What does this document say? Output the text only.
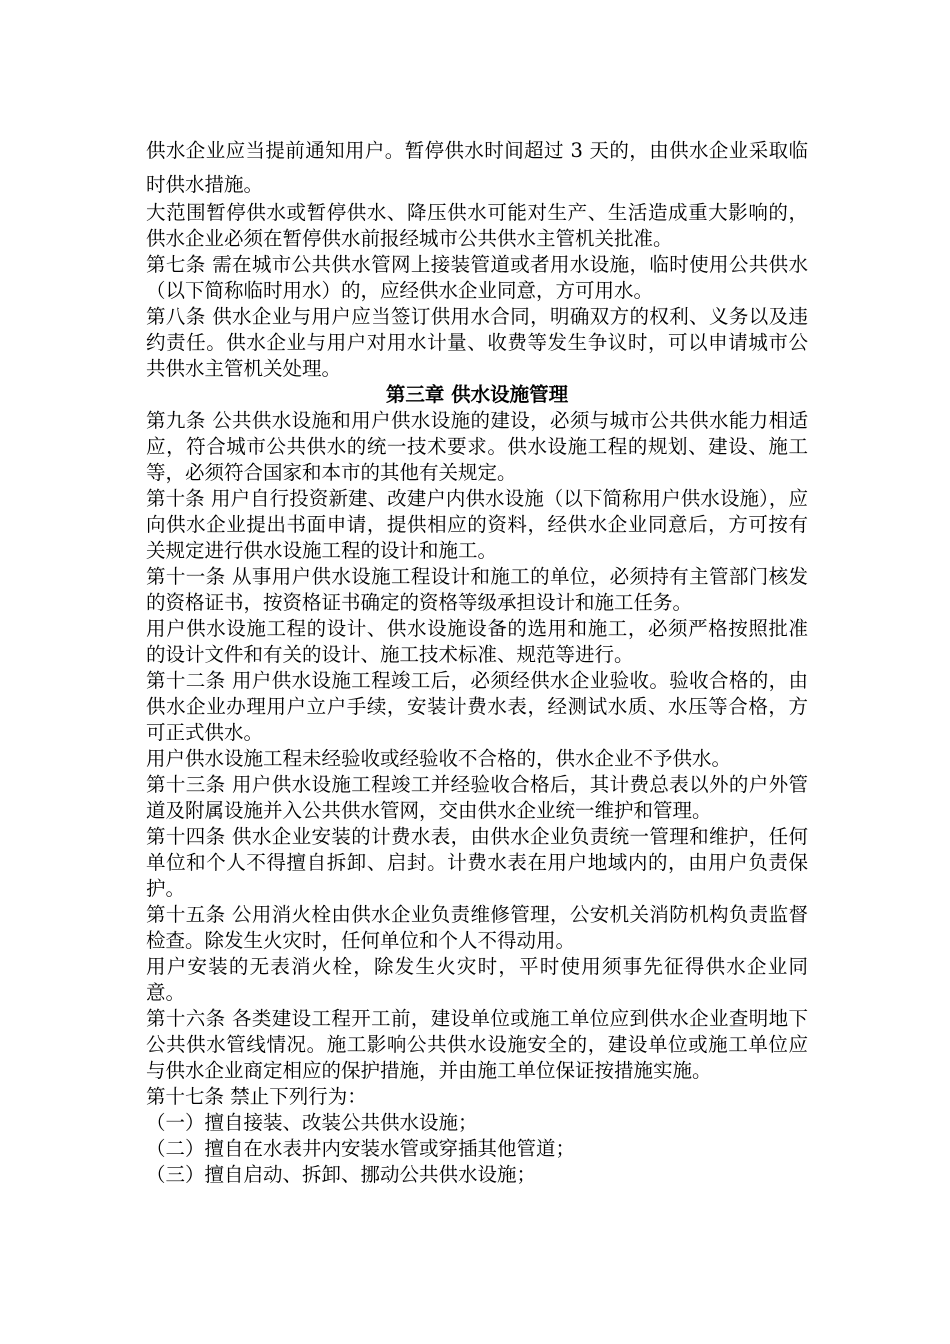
供水企业应当提前通知用户。暂停供水时间超过 3 天的，由供水企业采取临时供水措施。

大范围暂停供水或暂停供水、降压供水可能对生产、生活造成重大影响的，供水企业必须在暂停供水前报经城市公共供水主管机关批准。

第七条 需在城市公共供水管网上接装管道或者用水设施，临时使用公共供水（以下简称临时用水）的，应经供水企业同意，方可用水。

第八条 供水企业与用户应当签订供用水合同，明确双方的权利、义务以及违约责任。供水企业与用户对用水计量、收费等发生争议时，可以申请城市公共供水主管机关处理。

第三章 供水设施管理

第九条 公共供水设施和用户供水设施的建设，必须与城市公共供水能力相适应，符合城市公共供水的统一技术要求。供水设施工程的规划、建设、施工等，必须符合国家和本市的其他有关规定。

第十条 用户自行投资新建、改建户内供水设施（以下简称用户供水设施），应向供水企业提出书面申请，提供相应的资料，经供水企业同意后，方可按有关规定进行供水设施工程的设计和施工。

第十一条 从事用户供水设施工程设计和施工的单位，必须持有主管部门核发的资格证书，按资格证书确定的资格等级承担设计和施工任务。

用户供水设施工程的设计、供水设施设备的选用和施工，必须严格按照批准的设计文件和有关的设计、施工技术标准、规范等进行。

第十二条 用户供水设施工程竣工后，必须经供水企业验收。验收合格的，由供水企业办理用户立户手续，安装计费水表，经测试水质、水压等合格，方可正式供水。

用户供水设施工程未经验收或经验收不合格的，供水企业不予供水。

第十三条 用户供水设施工程竣工并经验收合格后，其计费总表以外的户外管道及附属设施并入公共供水管网，交由供水企业统一维护和管理。

第十四条 供水企业安装的计费水表，由供水企业负责统一管理和维护，任何单位和个人不得擅自拆卸、启封。计费水表在用户地域内的，由用户负责保护。

第十五条 公用消火栓由供水企业负责维修管理，公安机关消防机构负责监督检查。除发生火灾时，任何单位和个人不得动用。

用户安装的无表消火栓，除发生火灾时，平时使用须事先征得供水企业同意。

第十六条 各类建设工程开工前，建设单位或施工单位应到供水企业查明地下公共供水管线情况。施工影响公共供水设施安全的，建设单位或施工单位应与供水企业商定相应的保护措施，并由施工单位保证按措施实施。

第十七条 禁止下列行为：

（一）擅自接装、改装公共供水设施；

（二）擅自在水表井内安装水管或穿插其他管道；

（三）擅自启动、拆卸、挪动公共供水设施；
